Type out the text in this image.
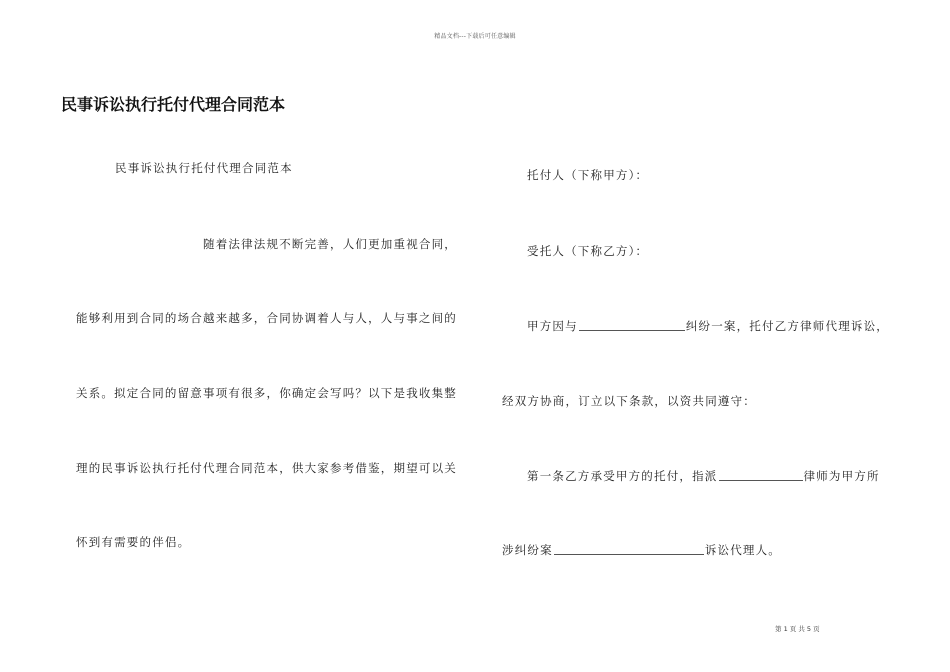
精品文档---下载后可任意编辑
民事诉讼执行托付代理合同范本
民事诉讼执行托付代理合同范本
随着法律法规不断完善，人们更加重视合同，
能够利用到合同的场合越来越多，合同协调着人与人，人与事之间的
关系。拟定合同的留意事项有很多，你确定会写吗？以下是我收集整
理的民事诉讼执行托付代理合同范本，供大家参考借鉴，期望可以关
怀到有需要的伴侣。
托付人（下称甲方）：
受托人（下称乙方）：
甲方因与	纠纷一案，托付乙方律师代理诉讼，
经双方协商，订立以下条款，以资共同遵守：
第一条乙方承受甲方的托付，指派	律师为甲方所
涉纠纷案	诉讼代理人。
第 1 页 共 5 页
